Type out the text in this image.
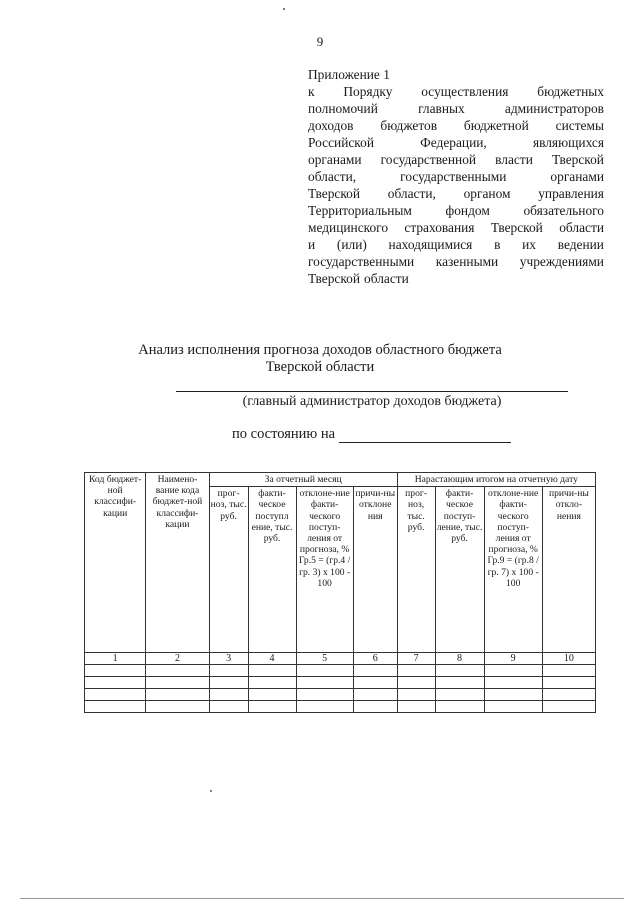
9
Приложение 1
к Порядку осуществления бюджетных
полномочий	главных	администраторов
доходов бюджетов бюджетной системы
Российской	Федерации,	являющихся
органами государственной власти Тверской
области,	государственными	органами
Тверской области, органом управления
Территориальным	фондом	обязательного
медицинского страхования Тверской области
и (или) находящимися в их ведении
государственными казенными учреждениями
Тверской области
Анализ исполнения прогноза доходов областного бюджета
Тверской области
(главный администратор доходов бюджета)
по состоянию на
Код бюджет-ной классифи-кации	Наимено-вание кода бюджет-ной классифи-кации	За отчетный месяц				Нарастающим итогом на отчетную дату			
		прог-ноз, тыс. руб.	факти-ческое поступл ение, тыс. руб.	отклоне-ние факти-ческого поступ-ления от прогноза, % Гр.5 = (гр.4 / гр. 3) х 100 - 100	причи-ны отклоне ния	прог-ноз, тыс. руб.	факти-ческое поступ-ление, тыс. руб.	отклоне-ние факти-ческого поступ-ления от прогноза, % Гр.9 = (гр.8 / гр. 7) х 100 - 100	причи-ны откло-нения
1	2	3	4	5	6	7	8	9	10
